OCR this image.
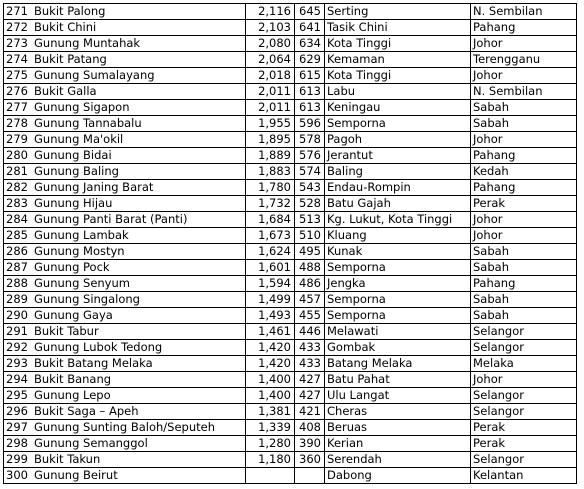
271	Bukit Palong	2,116	645	Serting	N. Sembilan
272	Bukit Chini	2,103	641	Tasik Chini	Pahang
273	Gunung Muntahak	2,080	634	Kota Tinggi	Johor
274	Bukit Patang	2,064	629	Kemaman	Terengganu
275	Gunung Sumalayang	2,018	615	Kota Tinggi	Johor
276	Bukit Galla	2,011	613	Labu	N. Sembilan
277	Gunung Sigapon	2,011	613	Keningau	Sabah
278	Gunung Tannabalu	1,955	596	Semporna	Sabah
279	Gunung Ma'okil	1,895	578	Pagoh	Johor
280	Gunung Bidai	1,889	576	Jerantut	Pahang
281	Gunung Baling	1,883	574	Baling	Kedah
282	Gunung Janing Barat	1,780	543	Endau-Rompin	Pahang
283	Gunung Hijau	1,732	528	Batu Gajah	Perak
284	Gunung Panti Barat (Panti)	1,684	513	Kg. Lukut, Kota Tinggi	Johor
285	Gunung Lambak	1,673	510	Kluang	Johor
286	Gunung Mostyn	1,624	495	Kunak	Sabah
287	Gunung Pock	1,601	488	Semporna	Sabah
288	Gunung Senyum	1,594	486	Jengka	Pahang
289	Gunung Singalong	1,499	457	Semporna	Sabah
290	Gunung Gaya	1,493	455	Semporna	Sabah
291	Bukit Tabur	1,461	446	Melawati	Selangor
292	Gunung Lubok Tedong	1,420	433	Gombak	Selangor
293	Bukit Batang Melaka	1,420	433	Batang Melaka	Melaka
294	Bukit Banang	1,400	427	Batu Pahat	Johor
295	Gunung Lepo	1,400	427	Ulu Langat	Selangor
296	Bukit Saga – Apeh	1,381	421	Cheras	Selangor
297	Gunung Sunting Baloh/Seputeh	1,339	408	Beruas	Perak
298	Gunung Semanggol	1,280	390	Kerian	Perak
299	Bukit Takun	1,180	360	Serendah	Selangor
300	Gunung Beirut			Dabong	Kelantan
